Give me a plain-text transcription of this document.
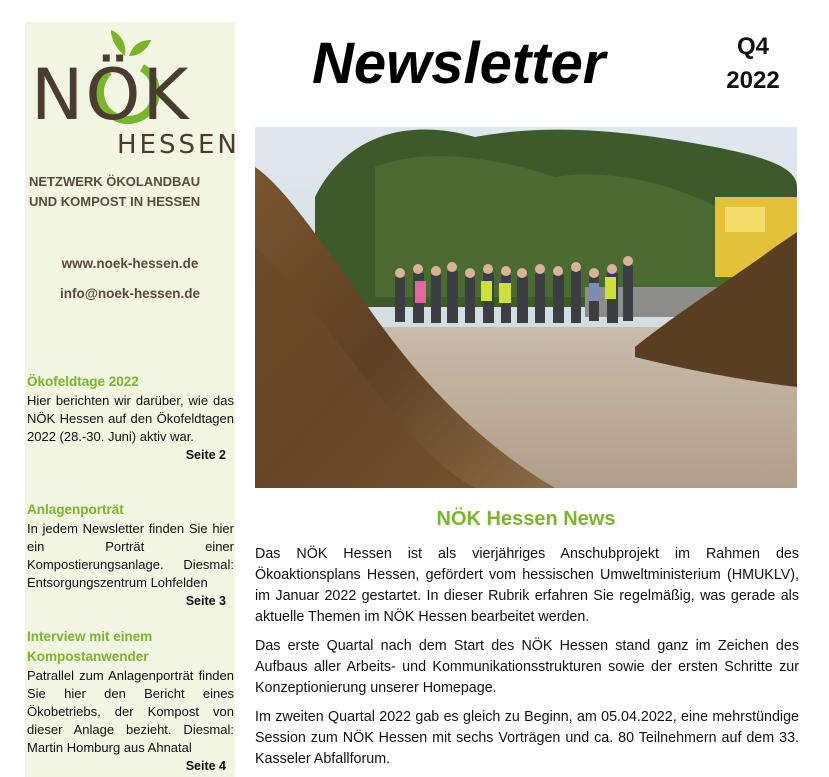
NÖK
HESSEN
NETZWERK ÖKOLANDBAU
UND KOMPOST IN HESSEN
www.noek-hessen.de
info@noek-hessen.de
Ökofeldtage 2022
Hier berichten wir darüber, wie das NÖK Hessen auf den Ökofeldtagen 2022 (28.-30. Juni) aktiv war.
Seite 2
Anlagenporträt
In jedem Newsletter finden Sie hier ein Porträt einer Kompostierungsanlage. Diesmal: Entsorgungszentrum Lohfelden
Seite 3
Interview mit einem Kompostanwender
Patrallel zum Anlagenporträt finden Sie hier den Bericht eines Ökobetriebs, der Kompost von dieser Anlage bezieht. Diesmal: Martin Homburg aus Ahnatal
Seite 4
Newsletter	Q4
2022
NÖK Hessen News

Das NÖK Hessen ist als vierjähriges Anschubprojekt im Rahmen des Ökoaktionsplans Hessen, gefördert vom hessischen Umweltministerium (HMUKLV), im Januar 2022 gestartet. In dieser Rubrik erfahren Sie regelmäßig, was gerade als aktuelle Themen im NÖK Hessen bearbeitet werden.

Das erste Quartal nach dem Start des NÖK Hessen stand ganz im Zeichen des Aufbaus aller Arbeits- und Kommunikationsstrukturen sowie der ersten Schritte zur Konzeptionierung unserer Homepage.

Im zweiten Quartal 2022 gab es gleich zu Beginn, am 05.04.2022, eine mehrstündige Session zum NÖK Hessen mit sechs Vorträgen und ca. 80 Teilnehmern auf dem 33. Kasseler Abfallforum.
